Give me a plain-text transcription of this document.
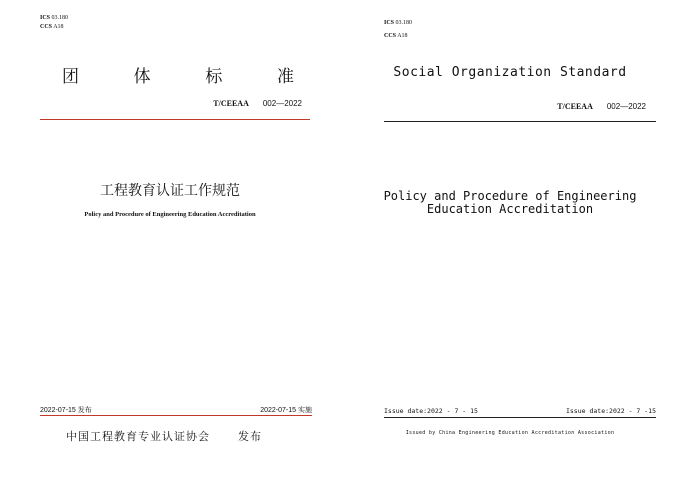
ICS 03.180
CCS A18
团	体	标	准
T/CEEAA 002—2022
工程教育认证工作规范
Policy and Procedure of Engineering Education Accreditation
2022-07-15 发布	2022-07-15 实施
中国工程教育专业认证协会	发布
ICS 03.180
CCS A18
Social Organization Standard
T/CEEAA 002—2022
Policy and Procedure of Engineering
Education Accreditation
Issue date:2022 - 7 - 15	Issue date:2022 - 7 -15
Issued by China Engineering Education Accreditation Association
